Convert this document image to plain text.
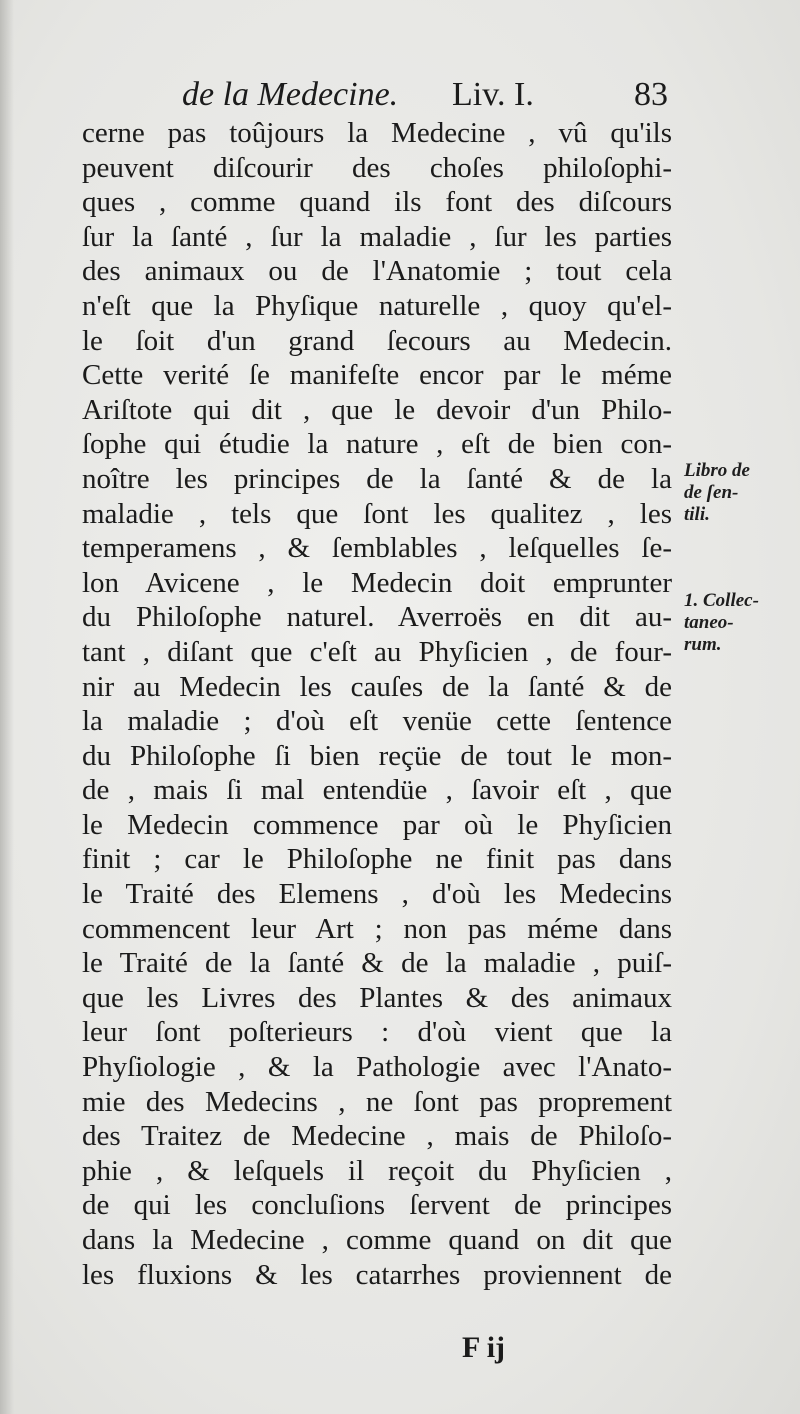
de la Medecine. Liv. I.	83
cerne pas toûjours la Medecine , vû qu'ils
peuvent diſcourir des choſes philoſophi-
ques , comme quand ils font des diſcours
ſur la ſanté , ſur la maladie , ſur les parties
des animaux ou de l'Anatomie ; tout cela
n'eſt que la Phyſique naturelle , quoy qu'el-
le ſoit d'un grand ſecours au Medecin.
Cette verité ſe manifeſte encor par le méme
Ariſtote qui dit , que le devoir d'un Philo-
ſophe qui étudie la nature , eſt de bien con-
noître les principes de la ſanté & de la
maladie , tels que ſont les qualitez , les
temperamens , & ſemblables , leſquelles ſe-
lon Avicene , le Medecin doit emprunter
du Philoſophe naturel. Averroës en dit au-
tant , diſant que c'eſt au Phyſicien , de four-
nir au Medecin les cauſes de la ſanté & de
la maladie ; d'où eſt venüe cette ſentence
du Philoſophe ſi bien reçüe de tout le mon-
de , mais ſi mal entendüe , ſavoir eſt , que
le Medecin commence par où le Phyſicien
finit ; car le Philoſophe ne finit pas dans
le Traité des Elemens , d'où les Medecins
commencent leur Art ; non pas méme dans
le Traité de la ſanté & de la maladie , puiſ-
que les Livres des Plantes & des animaux
leur ſont poſterieurs : d'où vient que la
Phyſiologie , & la Pathologie avec l'Anato-
mie des Medecins , ne ſont pas proprement
des Traitez de Medecine , mais de Philoſo-
phie , & leſquels il reçoit du Phyſicien ,
de qui les concluſions ſervent de principes
dans la Medecine , comme quand on dit que
les fluxions & les catarrhes proviennent de
Libro de
de ſen-
tili.
1. Collec-
taneo-
rum.
F ij
